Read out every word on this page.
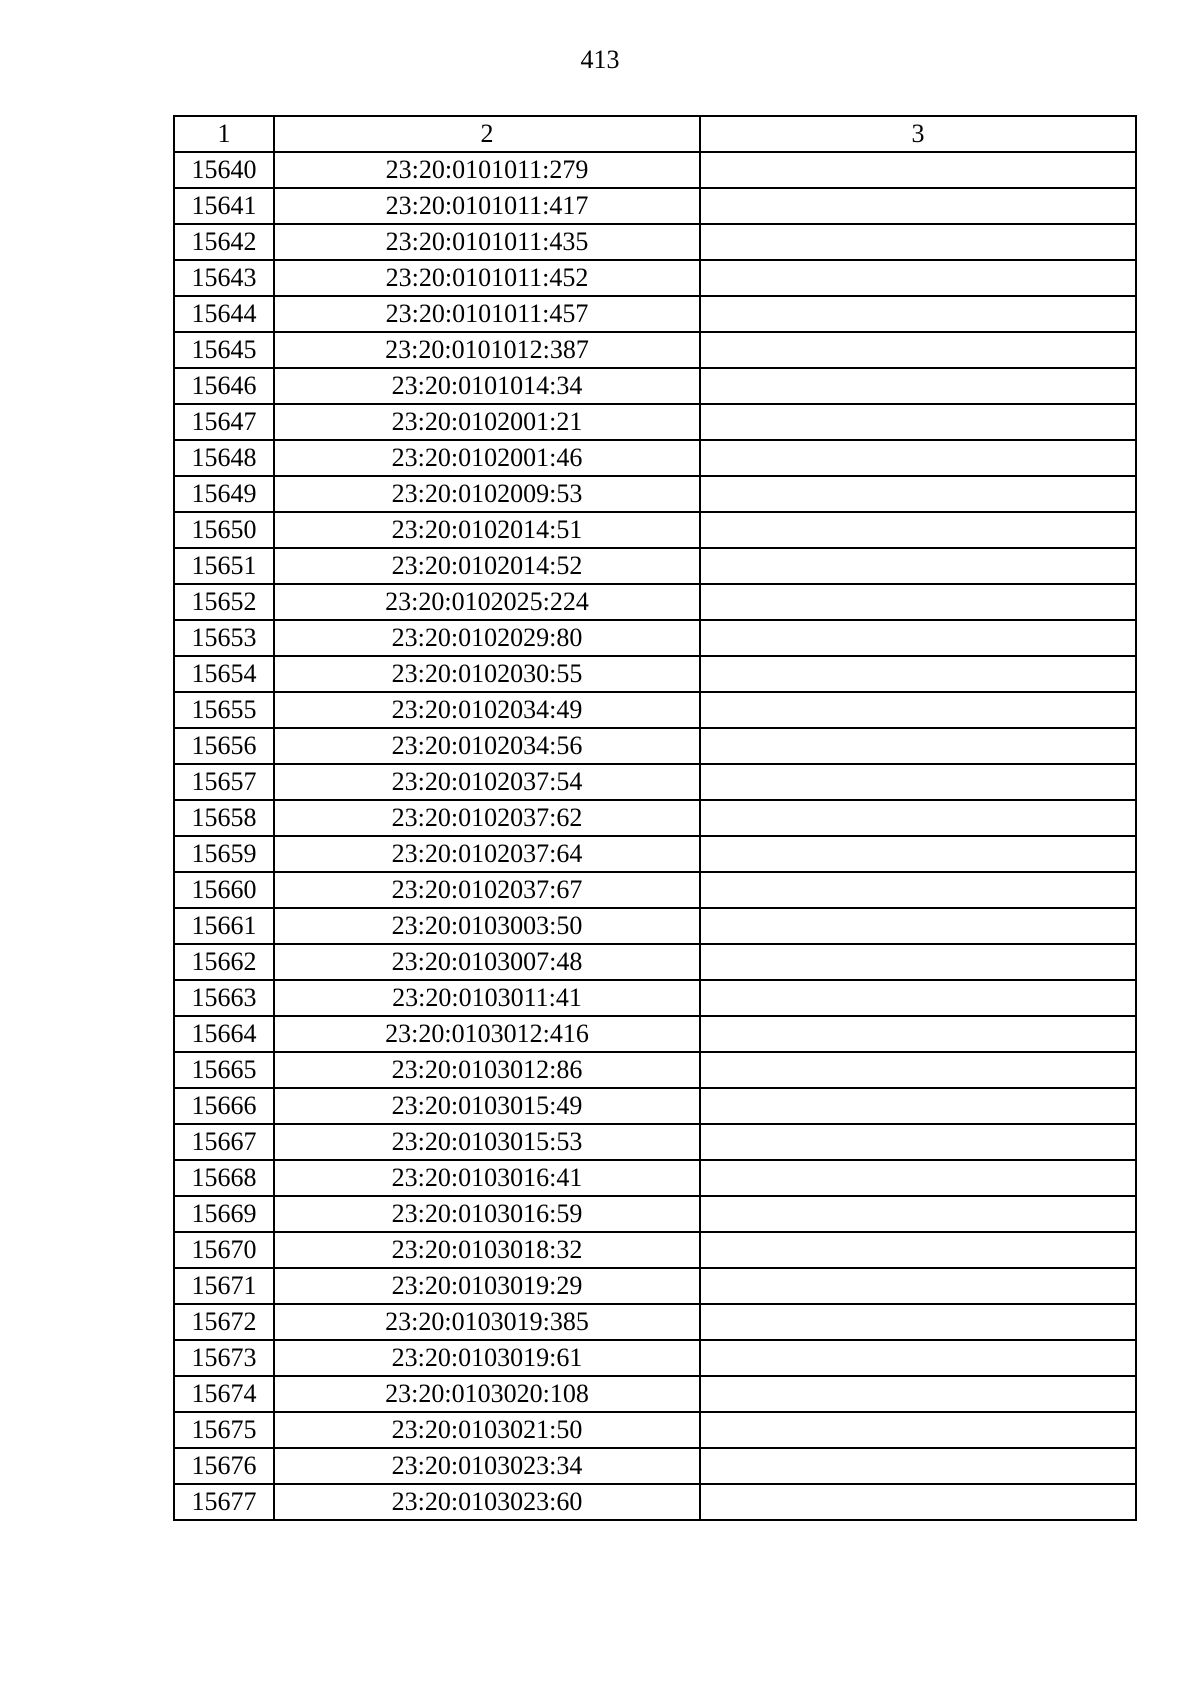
413
1	2	3
15640	23:20:0101011:279	
15641	23:20:0101011:417	
15642	23:20:0101011:435	
15643	23:20:0101011:452	
15644	23:20:0101011:457	
15645	23:20:0101012:387	
15646	23:20:0101014:34	
15647	23:20:0102001:21	
15648	23:20:0102001:46	
15649	23:20:0102009:53	
15650	23:20:0102014:51	
15651	23:20:0102014:52	
15652	23:20:0102025:224	
15653	23:20:0102029:80	
15654	23:20:0102030:55	
15655	23:20:0102034:49	
15656	23:20:0102034:56	
15657	23:20:0102037:54	
15658	23:20:0102037:62	
15659	23:20:0102037:64	
15660	23:20:0102037:67	
15661	23:20:0103003:50	
15662	23:20:0103007:48	
15663	23:20:0103011:41	
15664	23:20:0103012:416	
15665	23:20:0103012:86	
15666	23:20:0103015:49	
15667	23:20:0103015:53	
15668	23:20:0103016:41	
15669	23:20:0103016:59	
15670	23:20:0103018:32	
15671	23:20:0103019:29	
15672	23:20:0103019:385	
15673	23:20:0103019:61	
15674	23:20:0103020:108	
15675	23:20:0103021:50	
15676	23:20:0103023:34	
15677	23:20:0103023:60	
